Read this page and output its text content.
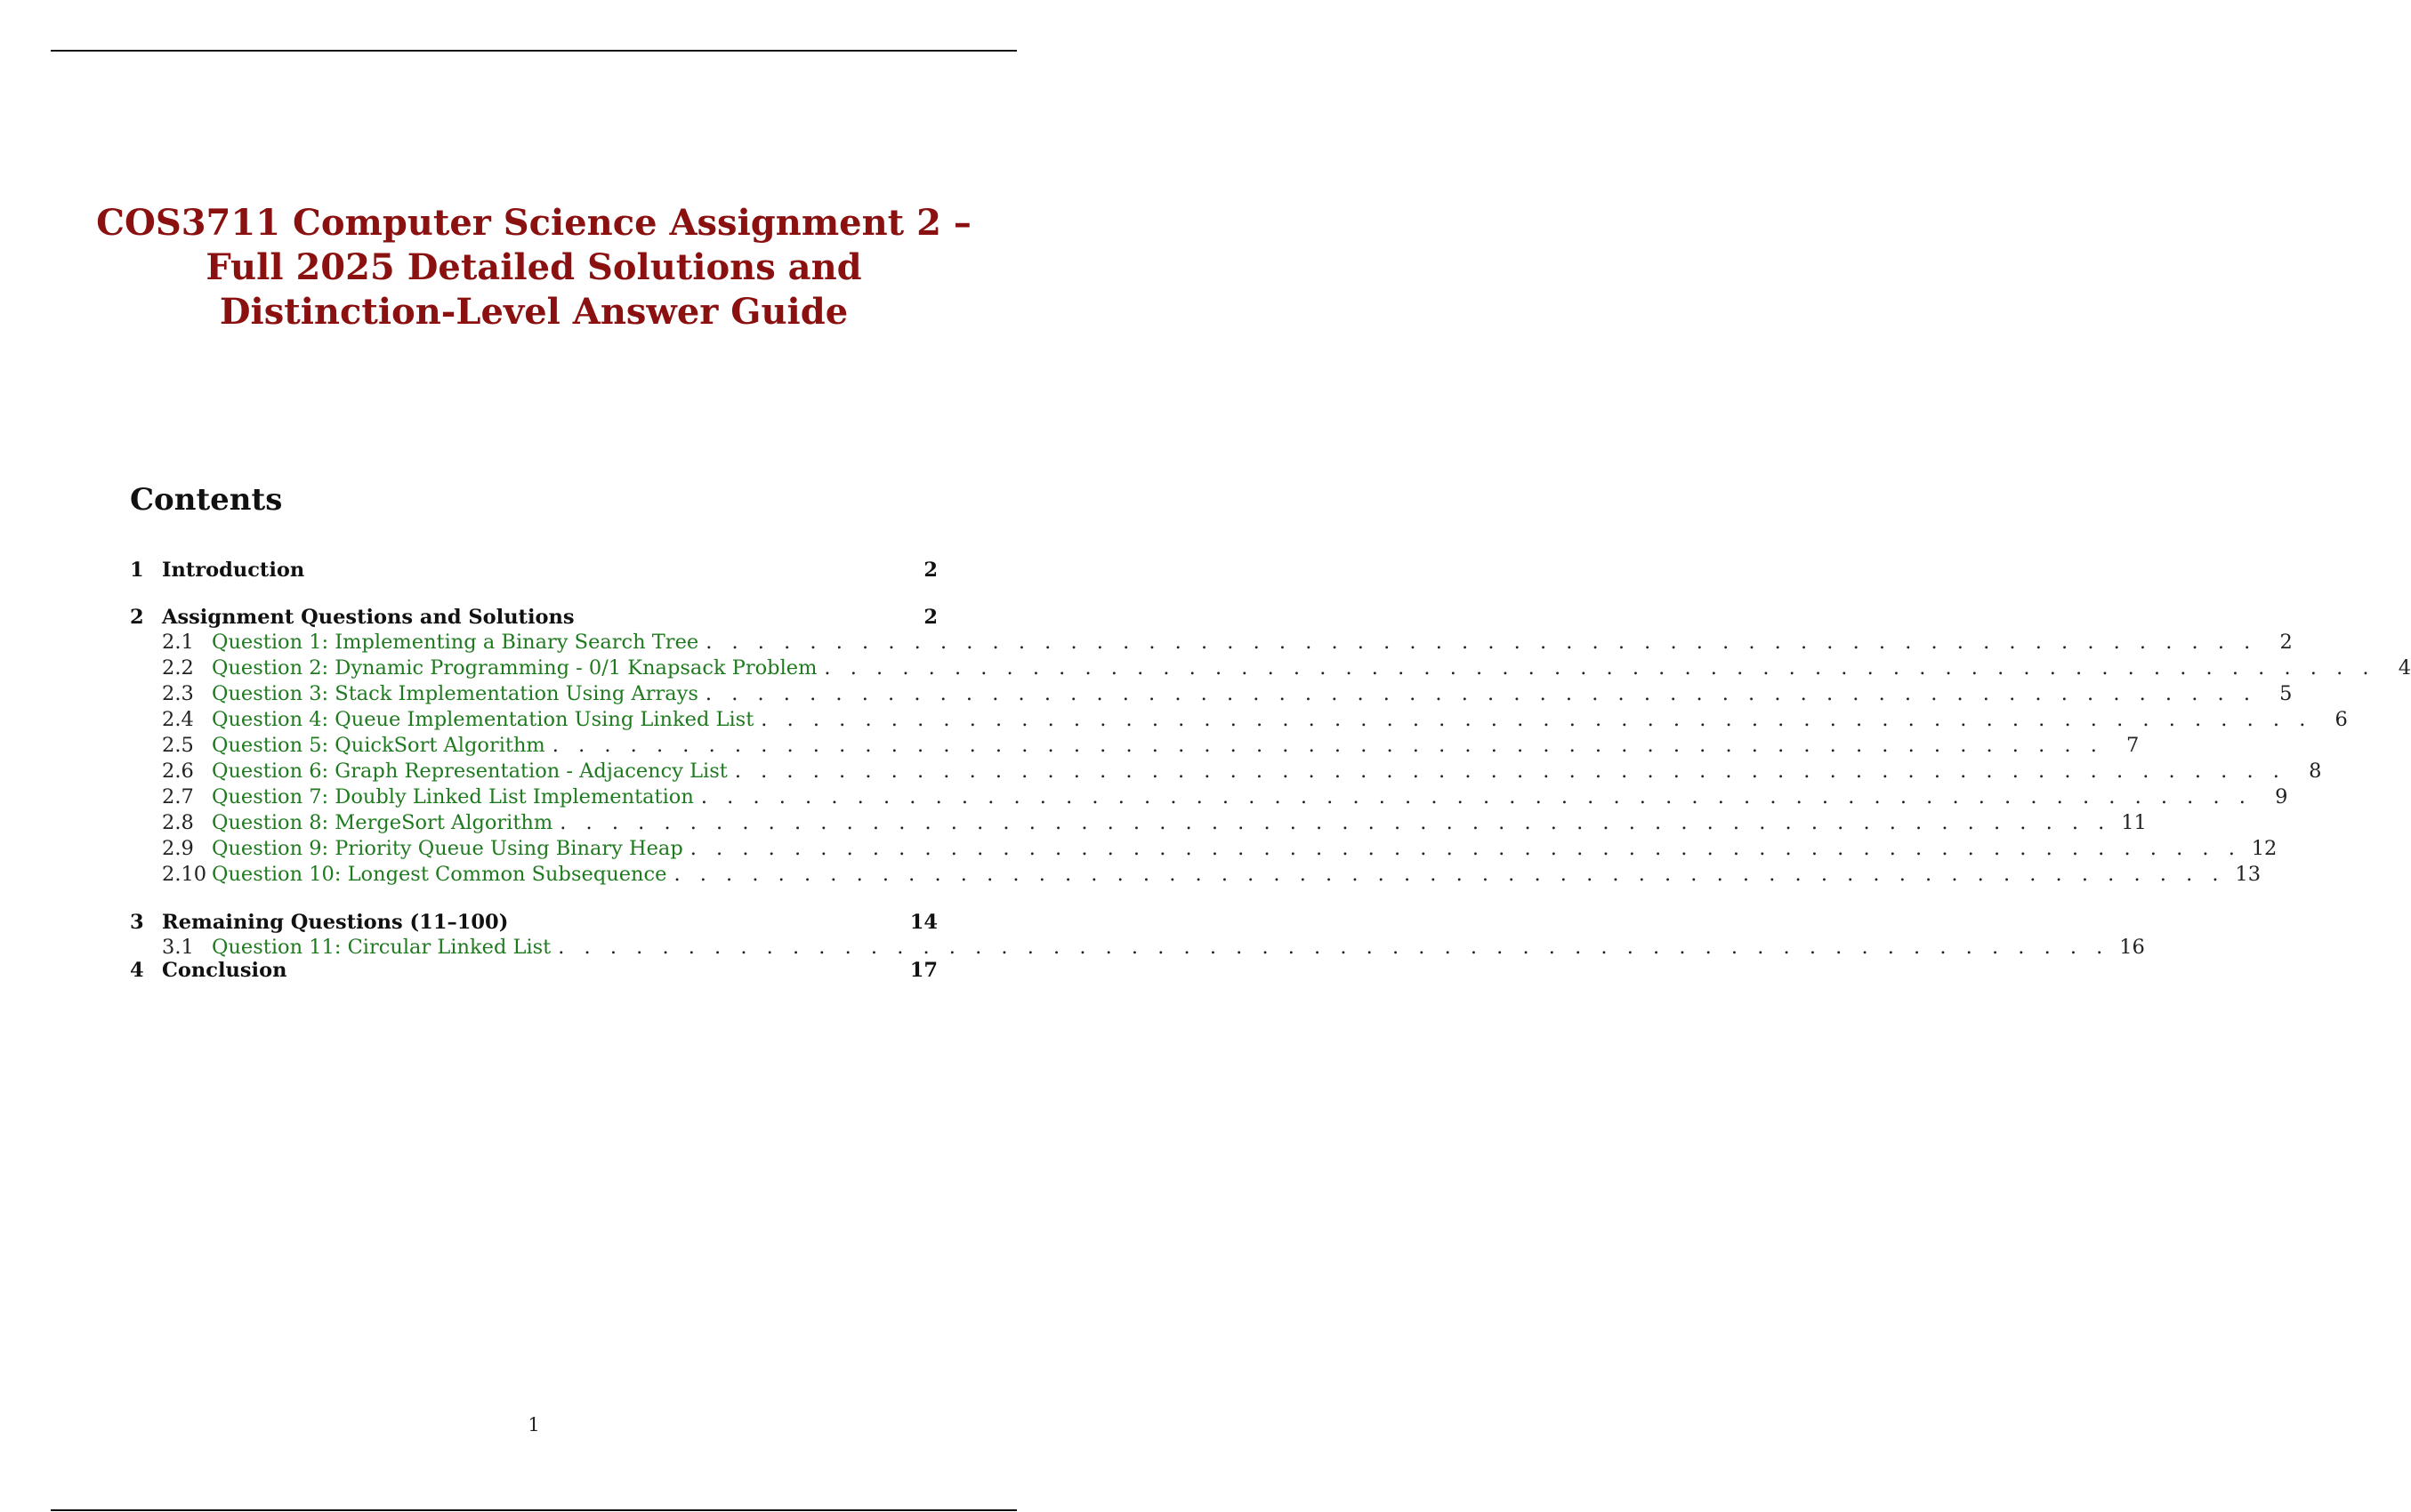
COS3711 Computer Science Assignment 2 –
Full 2025 Detailed Solutions and
Distinction-Level Answer Guide
Contents
1 Introduction	2
2 Assignment Questions and Solutions	2
2.1 Question 1: Implementing a Binary Search Tree . . . . . . . . . . . . . . . . . . . . . . . . . . . . . . . . . . . . . . . . . . . . . . . . . . . . . . . . . . . .	2
2.2 Question 2: Dynamic Programming - 0/1 Knapsack Problem . . . . . . . . . . . . . . . . . . . . . . . . . . . . . . . . . . . . . . . . . . . . . . . . . . . . . . . . . . . .	4
2.3 Question 3: Stack Implementation Using Arrays . . . . . . . . . . . . . . . . . . . . . . . . . . . . . . . . . . . . . . . . . . . . . . . . . . . . . . . . . . . .	5
2.4 Question 4: Queue Implementation Using Linked List . . . . . . . . . . . . . . . . . . . . . . . . . . . . . . . . . . . . . . . . . . . . . . . . . . . . . . . . . . . .	6
2.5 Question 5: QuickSort Algorithm . . . . . . . . . . . . . . . . . . . . . . . . . . . . . . . . . . . . . . . . . . . . . . . . . . . . . . . . . . . .	7
2.6 Question 6: Graph Representation - Adjacency List . . . . . . . . . . . . . . . . . . . . . . . . . . . . . . . . . . . . . . . . . . . . . . . . . . . . . . . . . . . .	8
2.7 Question 7: Doubly Linked List Implementation . . . . . . . . . . . . . . . . . . . . . . . . . . . . . . . . . . . . . . . . . . . . . . . . . . . . . . . . . . . .	9
2.8 Question 8: MergeSort Algorithm . . . . . . . . . . . . . . . . . . . . . . . . . . . . . . . . . . . . . . . . . . . . . . . . . . . . . . . . . . . . 11
2.9 Question 9: Priority Queue Using Binary Heap . . . . . . . . . . . . . . . . . . . . . . . . . . . . . . . . . . . . . . . . . . . . . . . . . . . . . . . . . . . . 12
2.10 Question 10: Longest Common Subsequence . . . . . . . . . . . . . . . . . . . . . . . . . . . . . . . . . . . . . . . . . . . . . . . . . . . . . . . . . . . . 13
3 Remaining Questions (11–100)	14
3.1 Question 11: Circular Linked List . . . . . . . . . . . . . . . . . . . . . . . . . . . . . . . . . . . . . . . . . . . . . . . . . . . . . . . . . . . . 16
4 Conclusion	17
1
